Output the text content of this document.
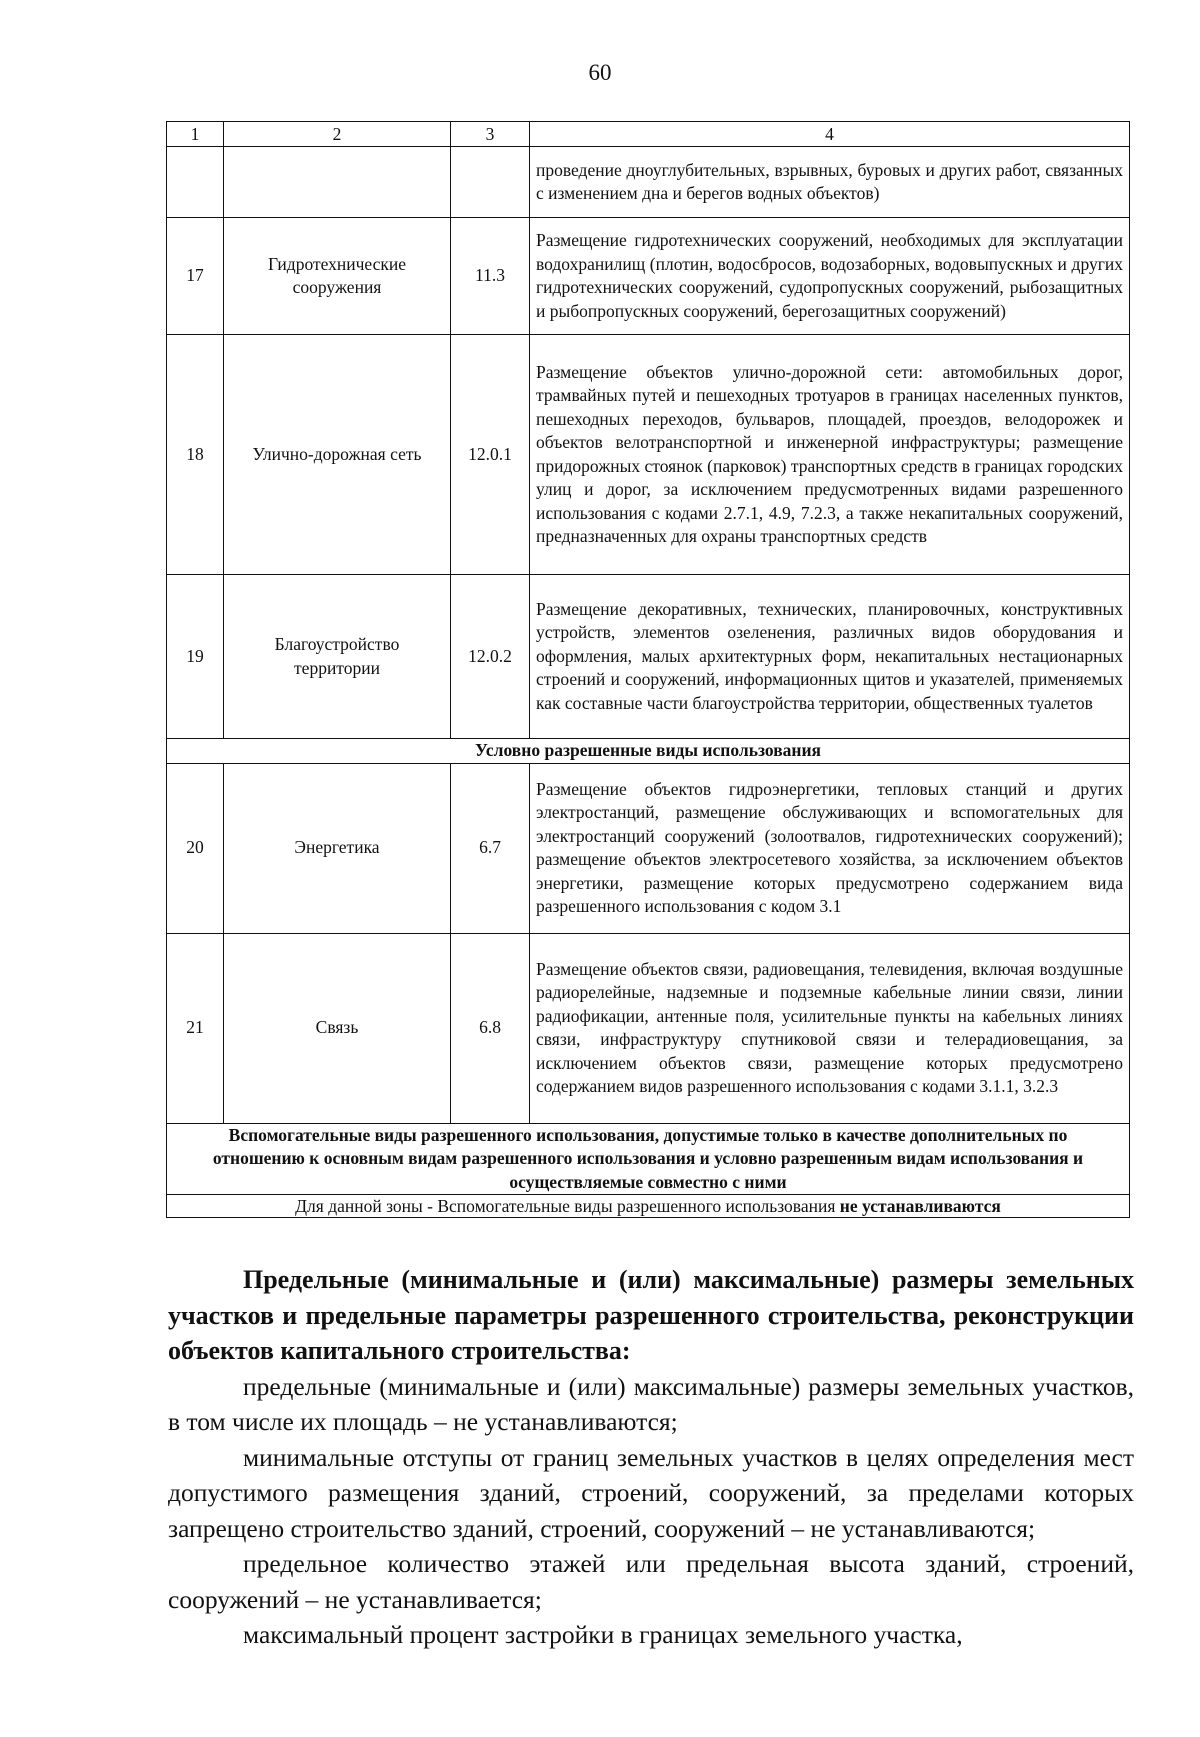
60
1	2	3	4
			проведение дноуглубительных, взрывных, буровых и других работ, связанных с изменением дна и берегов водных объектов)
17	Гидротехнические сооружения	11.3	Размещение гидротехнических сооружений, необходимых для эксплуатации водохранилищ (плотин, водосбросов, водозаборных, водовыпускных и других гидротехнических сооружений, судопропускных сооружений, рыбозащитных и рыбопропускных сооружений, берегозащитных сооружений)
18	Улично-дорожная сеть	12.0.1	Размещение объектов улично-дорожной сети: автомобильных дорог, трамвайных путей и пешеходных тротуаров в границах населенных пунктов, пешеходных переходов, бульваров, площадей, проездов, велодорожек и объектов велотранспортной и инженерной инфраструктуры; размещение придорожных стоянок (парковок) транспортных средств в границах городских улиц и дорог, за исключением предусмотренных видами разрешенного использования с кодами 2.7.1, 4.9, 7.2.3, а также некапитальных сооружений, предназначенных для охраны транспортных средств
19	Благоустройство территории	12.0.2	Размещение декоративных, технических, планировочных, конструктивных устройств, элементов озеленения, различных видов оборудования и оформления, малых архитектурных форм, некапитальных нестационарных строений и сооружений, информационных щитов и указателей, применяемых как составные части благоустройства территории, общественных туалетов
Условно разрешенные виды использования			
20	Энергетика	6.7	Размещение объектов гидроэнергетики, тепловых станций и других электростанций, размещение обслуживающих и вспомогательных для электростанций сооружений (золоотвалов, гидротехнических сооружений); размещение объектов электросетевого хозяйства, за исключением объектов энергетики, размещение которых предусмотрено содержанием вида разрешенного использования с кодом 3.1
21	Связь	6.8	Размещение объектов связи, радиовещания, телевидения, включая воздушные радиорелейные, надземные и подземные кабельные линии связи, линии радиофикации, антенные поля, усилительные пункты на кабельных линиях связи, инфраструктуру спутниковой связи и телерадиовещания, за исключением объектов связи, размещение которых предусмотрено содержанием видов разрешенного использования с кодами 3.1.1, 3.2.3
Вспомогательные виды разрешенного использования, допустимые только в качестве дополнительных по отношению к основным видам разрешенного использования и условно разрешенным видам использования и осуществляемые совместно с ними			
Для данной зоны - Вспомогательные виды разрешенного использования не устанавливаются			

Предельные (минимальные и (или) максимальные) размеры земельных участков и предельные параметры разрешенного строительства, реконструкции объектов капитального строительства:

предельные (минимальные и (или) максимальные) размеры земельных участков, в том числе их площадь – не устанавливаются;

минимальные отступы от границ земельных участков в целях определения мест допустимого размещения зданий, строений, сооружений, за пределами которых запрещено строительство зданий, строений, сооружений – не устанавливаются;

предельное количество этажей или предельная высота зданий, строений, сооружений – не устанавливается;

максимальный процент застройки в границах земельного участка,
